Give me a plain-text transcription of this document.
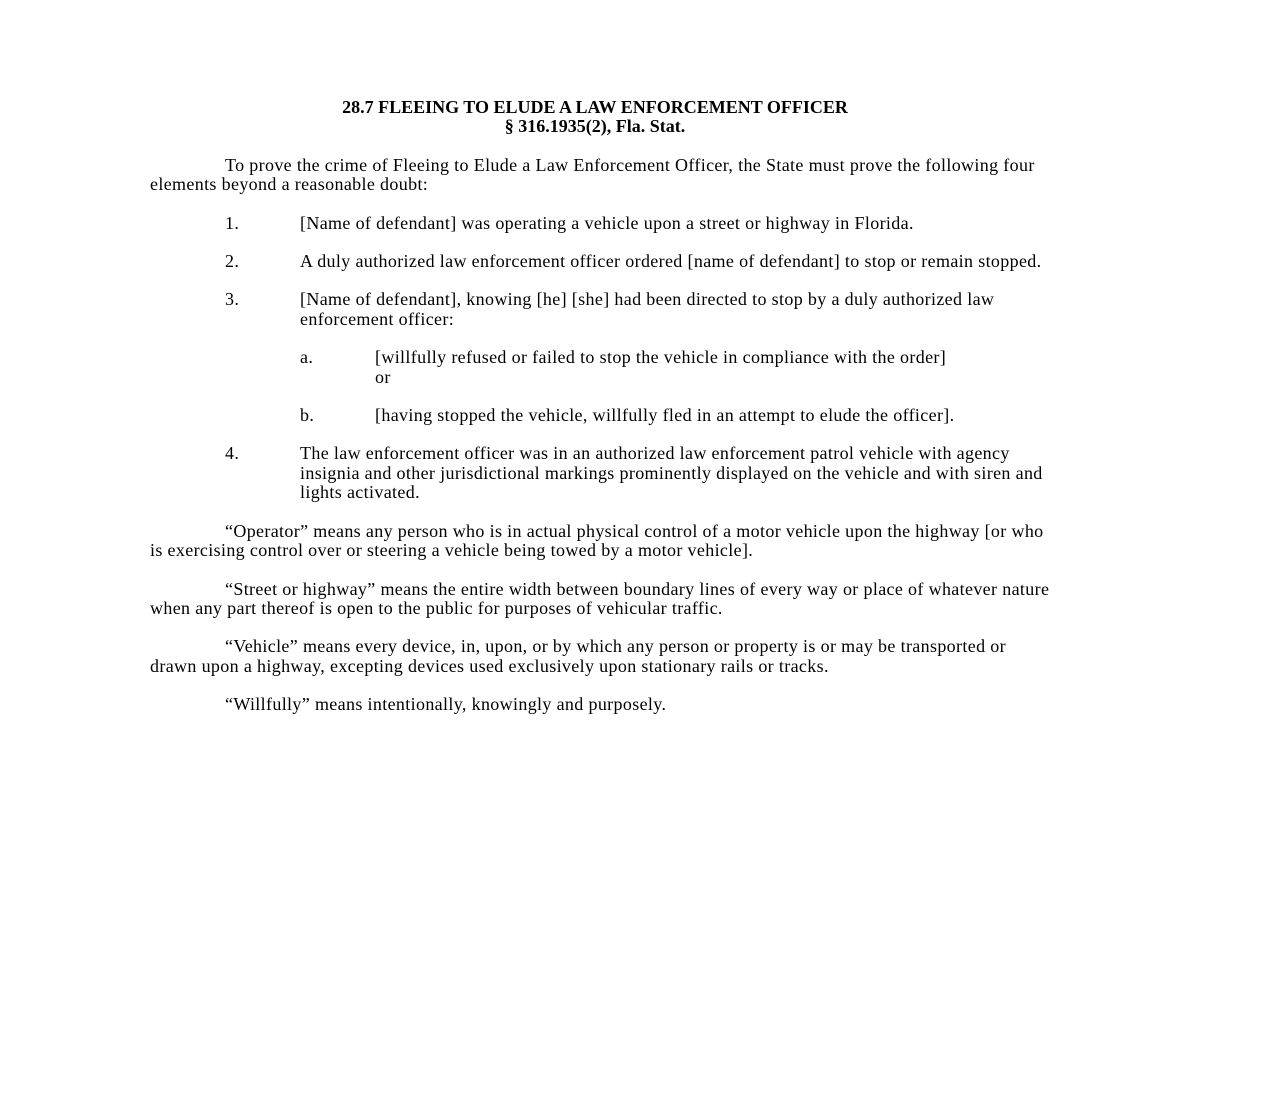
28.7 FLEEING TO ELUDE A LAW ENFORCEMENT OFFICER
§ 316.1935(2), Fla. Stat.

To prove the crime of Fleeing to Elude a Law Enforcement Officer, the State must prove the following four elements beyond a reasonable doubt:

1.	[Name of defendant] was operating a vehicle upon a street or highway in Florida.
2.	A duly authorized law enforcement officer ordered [name of defendant] to stop or remain stopped.
3.	[Name of defendant], knowing [he] [she] had been directed to stop by a duly authorized law enforcement officer:
a.	[willfully refused or failed to stop the vehicle in compliance with the order]
or
b.	[having stopped the vehicle, willfully fled in an attempt to elude the officer].
4.	The law enforcement officer was in an authorized law enforcement patrol vehicle with agency insignia and other jurisdictional markings prominently displayed on the vehicle and with siren and lights activated.

“Operator” means any person who is in actual physical control of a motor vehicle upon the highway [or who is exercising control over or steering a vehicle being towed by a motor vehicle].

“Street or highway” means the entire width between boundary lines of every way or place of whatever nature when any part thereof is open to the public for purposes of vehicular traffic.

“Vehicle” means every device, in, upon, or by which any person or property is or may be transported or drawn upon a highway, excepting devices used exclusively upon stationary rails or tracks.

“Willfully” means intentionally, knowingly and purposely.
